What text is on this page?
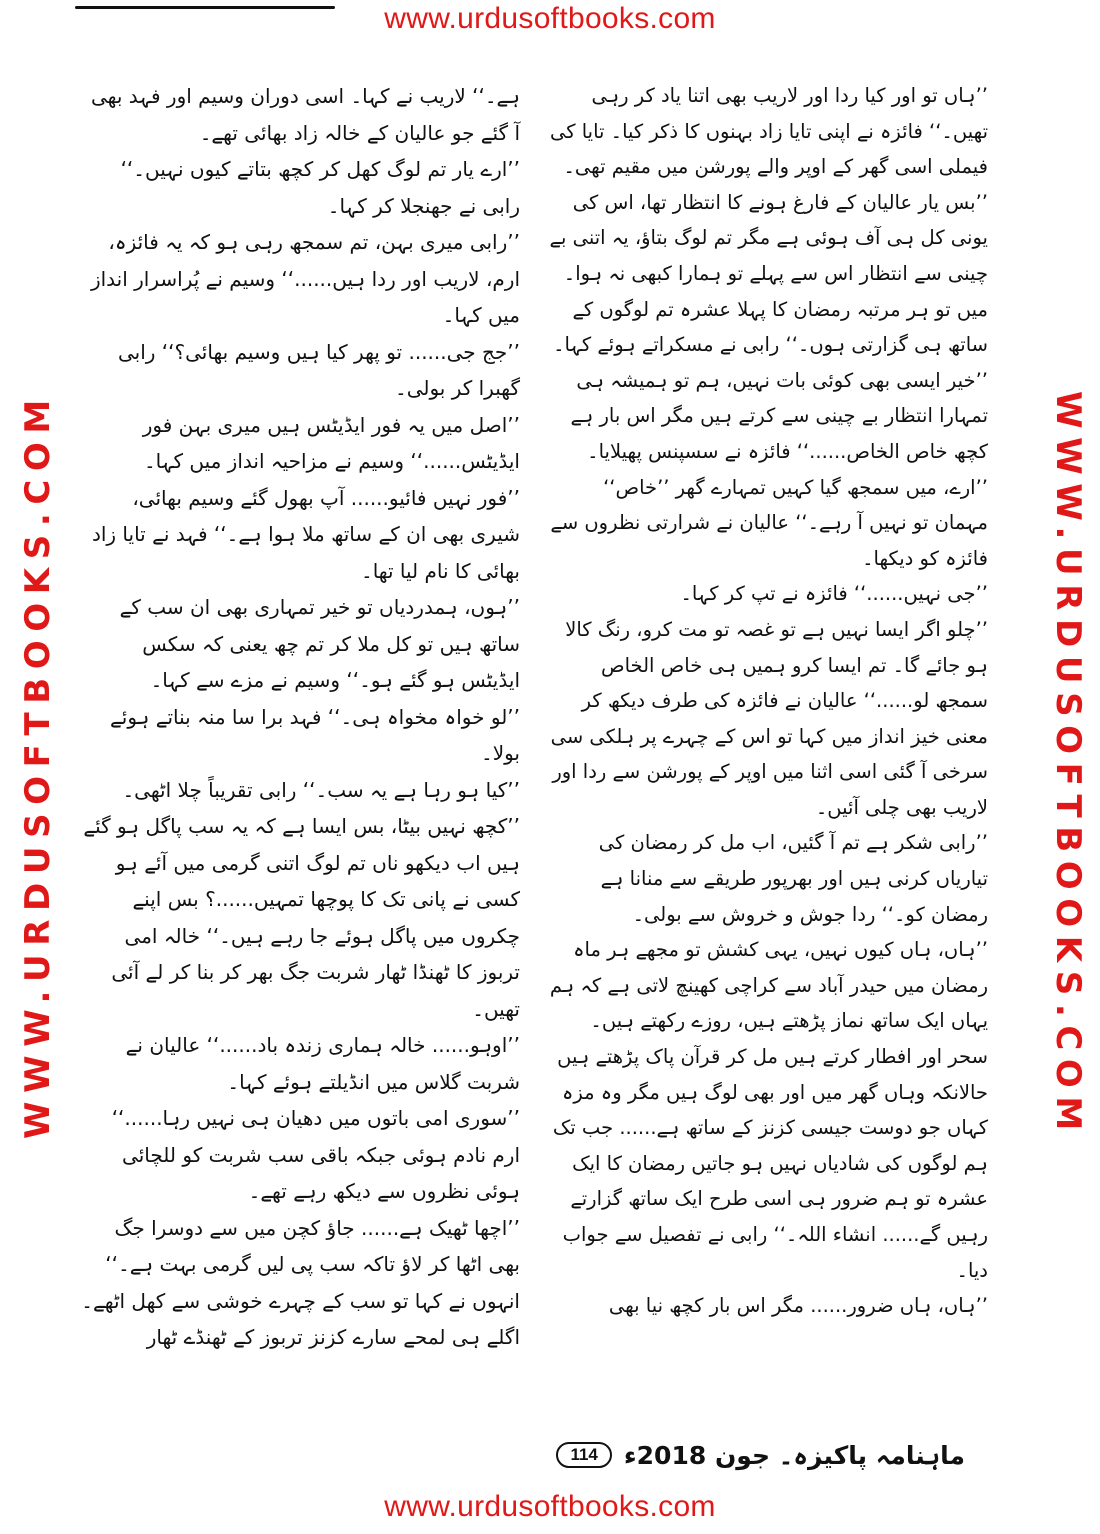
www.urdusoftbooks.com
WWW.URDUSOFTBOOKS.COM	WWW.URDUSOFTBOOKS.COM

’’ہاں تو اور کیا ردا اور لاریب بھی اتنا یاد کر رہی تھیں۔‘‘ فائزہ نے اپنی تایا زاد بہنوں کا ذکر کیا۔ تایا کی فیملی اسی گھر کے اوپر والے پورشن میں مقیم تھی۔

’’بس یار عالیان کے فارغ ہونے کا انتظار تھا، اس کی یونی کل ہی آف ہوئی ہے مگر تم لوگ بتاؤ، یہ اتنی بے چینی سے انتظار اس سے پہلے تو ہمارا کبھی نہ ہوا۔ میں تو ہر مرتبہ رمضان کا پہلا عشرہ تم لوگوں کے ساتھ ہی گزارتی ہوں۔‘‘ رابی نے مسکراتے ہوئے کہا۔

’’خیر ایسی بھی کوئی بات نہیں، ہم تو ہمیشہ ہی تمہارا انتظار بے چینی سے کرتے ہیں مگر اس بار ہے کچھ خاص الخاص......‘‘ فائزہ نے سسپنس پھیلایا۔

’’ارے، میں سمجھ گیا کہیں تمہارے گھر ’’خاص‘‘ مہمان تو نہیں آ رہے۔‘‘ عالیان نے شرارتی نظروں سے فائزہ کو دیکھا۔

’’جی نہیں......‘‘ فائزہ نے تپ کر کہا۔

’’چلو اگر ایسا نہیں ہے تو غصہ تو مت کرو، رنگ کالا ہو جائے گا۔ تم ایسا کرو ہمیں ہی خاص الخاص سمجھ لو......‘‘ عالیان نے فائزہ کی طرف دیکھ کر معنی خیز انداز میں کہا تو اس کے چہرے پر ہلکی سی سرخی آ گئی اسی اثنا میں اوپر کے پورشن سے ردا اور لاریب بھی چلی آئیں۔

’’رابی شکر ہے تم آ گئیں، اب مل کر رمضان کی تیاریاں کرنی ہیں اور بھرپور طریقے سے منانا ہے رمضان کو۔‘‘ ردا جوش و خروش سے بولی۔

’’ہاں، ہاں کیوں نہیں، یہی کشش تو مجھے ہر ماہ رمضان میں حیدر آباد سے کراچی کھینچ لاتی ہے کہ ہم یہاں ایک ساتھ نماز پڑھتے ہیں، روزے رکھتے ہیں۔ سحر اور افطار کرتے ہیں مل کر قرآن پاک پڑھتے ہیں حالانکہ وہاں گھر میں اور بھی لوگ ہیں مگر وہ مزہ کہاں جو دوست جیسی کزنز کے ساتھ ہے...... جب تک ہم لوگوں کی شادیاں نہیں ہو جاتیں رمضان کا ایک عشرہ تو ہم ضرور ہی اسی طرح ایک ساتھ گزارتے رہیں گے...... انشاء اللہ۔‘‘ رابی نے تفصیل سے جواب دیا۔

’’ہاں، ہاں ضرور...... مگر اس بار کچھ نیا بھی

ہے۔‘‘ لاریب نے کہا۔ اسی دوران وسیم اور فہد بھی آ گئے جو عالیان کے خالہ زاد بھائی تھے۔

’’ارے یار تم لوگ کھل کر کچھ بتاتے کیوں نہیں۔‘‘ رابی نے جھنجلا کر کہا۔

’’رابی میری بہن، تم سمجھ رہی ہو کہ یہ فائزہ، ارم، لاریب اور ردا ہیں......‘‘ وسیم نے پُراسرار انداز میں کہا۔

’’جج جی...... تو پھر کیا ہیں وسیم بھائی؟‘‘ رابی گھبرا کر بولی۔

’’اصل میں یہ فور ایڈیٹس ہیں میری بہن فور ایڈیٹس......‘‘ وسیم نے مزاحیہ انداز میں کہا۔

’’فور نہیں فائیو...... آپ بھول گئے وسیم بھائی، شیری بھی ان کے ساتھ ملا ہوا ہے۔‘‘ فہد نے تایا زاد بھائی کا نام لیا تھا۔

’’ہوں، ہمدردیاں تو خیر تمہاری بھی ان سب کے ساتھ ہیں تو کل ملا کر تم چھ یعنی کہ سکس ایڈیٹس ہو گئے ہو۔‘‘ وسیم نے مزے سے کہا۔

’’لو خواہ مخواہ ہی۔‘‘ فہد برا سا منہ بناتے ہوئے بولا۔

’’کیا ہو رہا ہے یہ سب۔‘‘ رابی تقریباً چلا اٹھی۔

’’کچھ نہیں بیٹا، بس ایسا ہے کہ یہ سب پاگل ہو گئے ہیں اب دیکھو ناں تم لوگ اتنی گرمی میں آئے ہو کسی نے پانی تک کا پوچھا تمہیں......؟ بس اپنے چکروں میں پاگل ہوئے جا رہے ہیں۔‘‘ خالہ امی تربوز کا ٹھنڈا ٹھار شربت جگ بھر کر بنا کر لے آئی تھیں۔

’’اوہو...... خالہ ہماری زندہ باد......‘‘ عالیان نے شربت گلاس میں انڈیلتے ہوئے کہا۔

’’سوری امی باتوں میں دھیان ہی نہیں رہا......‘‘ ارم نادم ہوئی جبکہ باقی سب شربت کو للچائی ہوئی نظروں سے دیکھ رہے تھے۔

’’اچھا ٹھیک ہے...... جاؤ کچن میں سے دوسرا جگ بھی اٹھا کر لاؤ تاکہ سب پی لیں گرمی بہت ہے۔‘‘ انہوں نے کہا تو سب کے چہرے خوشی سے کھل اٹھے۔

اگلے ہی لمحے سارے کزنز تربوز کے ٹھنڈے ٹھار

ماہنامہ پاکیزہ۔ جون 2018ء
114
www.urdusoftbooks.com
